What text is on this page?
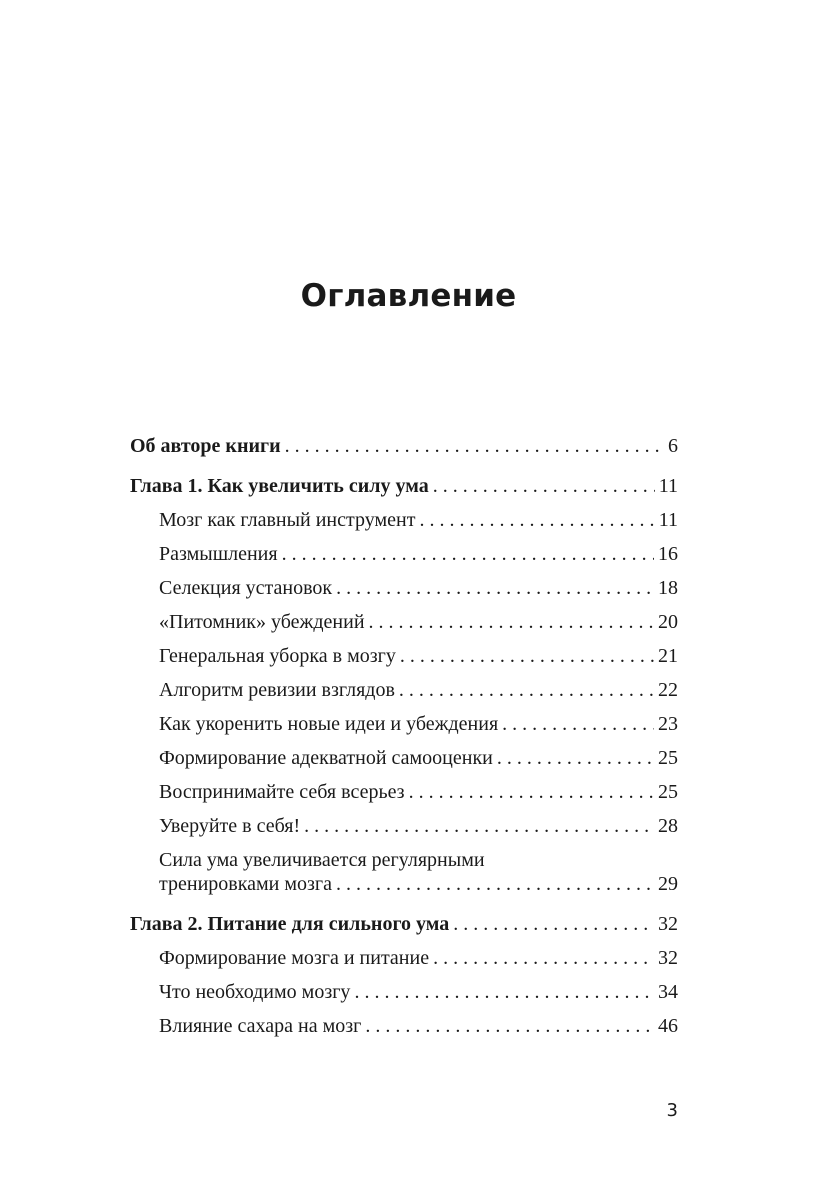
Оглавление
Об авторе книги . . .	6
Глава 1. Как увеличить силу ума . . .	11
Мозг как главный инструмент . . .	11
Размышления . . .	16
Селекция установок . . .	18
«Питомник» убеждений . . .	20
Генеральная уборка в мозгу . . .	21
Алгоритм ревизии взглядов . . .	22
Как укоренить новые идеи и убеждения . . .	23
Формирование адекватной самооценки . . .	25
Воспринимайте себя всерьез . . .	25
Уверуйте в себя! . . .	28
Сила ума увеличивается регулярными
тренировками мозга . . .	29
Глава 2. Питание для сильного ума . . .	32
Формирование мозга и питание . . .	32
Что необходимо мозгу . . .	34
Влияние сахара на мозг . . .	46
3
